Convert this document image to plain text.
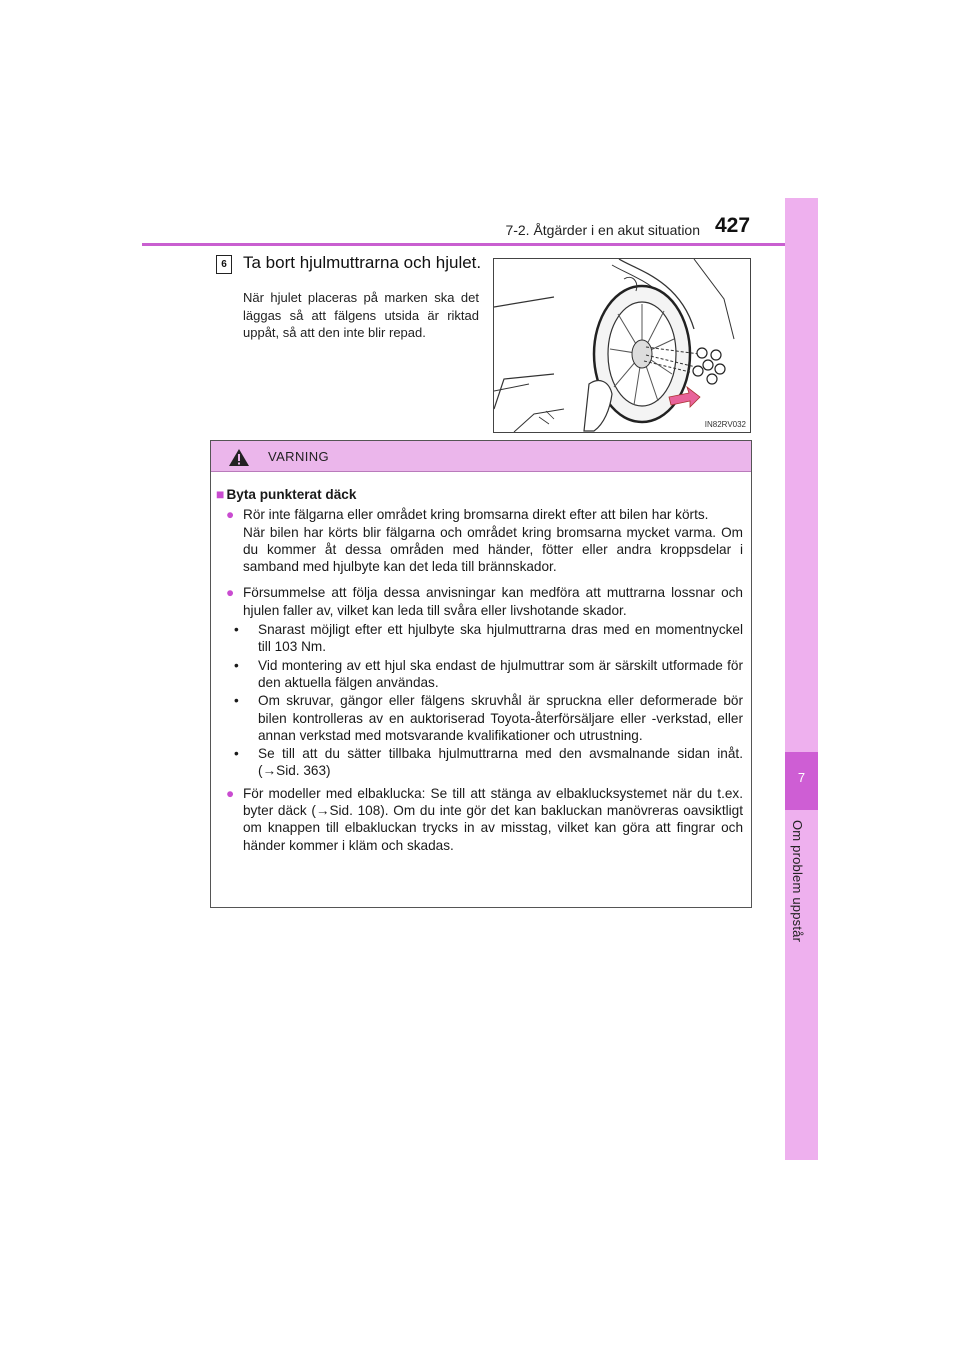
7-2. Åtgärder i en akut situation 427
7
Om problem uppstår
6 Ta bort hjulmuttrarna och hjulet.
När hjulet placeras på marken ska det läggas så att fälgens utsida är riktad uppåt, så att den inte blir repad.
IN82RV032
VARNING
■ Byta punkterat däck
● Rör inte fälgarna eller området kring bromsarna direkt efter att bilen har körts.
När bilen har körts blir fälgarna och området kring bromsarna mycket varma. Om du kommer åt dessa områden med händer, fötter eller andra kroppsdelar i samband med hjulbyte kan det leda till brännskador.
● Försummelse att följa dessa anvisningar kan medföra att muttrarna lossnar och hjulen faller av, vilket kan leda till svåra eller livshotande skador.
•	Snarast möjligt efter ett hjulbyte ska hjulmuttrarna dras med en momentnyckel till 103 Nm.
•	Vid montering av ett hjul ska endast de hjulmuttrar som är särskilt utformade för den aktuella fälgen användas.
•	Om skruvar, gängor eller fälgens skruvhål är spruckna eller deformerade bör bilen kontrolleras av en auktoriserad Toyota-återförsäljare eller -verkstad, eller annan verkstad med motsvarande kvalifikationer och utrustning.
•	Se till att du sätter tillbaka hjulmuttrarna med den avsmalnande sidan inåt. (→Sid. 363)
● För modeller med elbaklucka: Se till att stänga av elbaklucksystemet när du t.ex. byter däck (→Sid. 108). Om du inte gör det kan bakluckan manövreras oavsiktligt om knappen till elbakluckan trycks in av misstag, vilket kan göra att fingrar och händer kommer i kläm och skadas.
